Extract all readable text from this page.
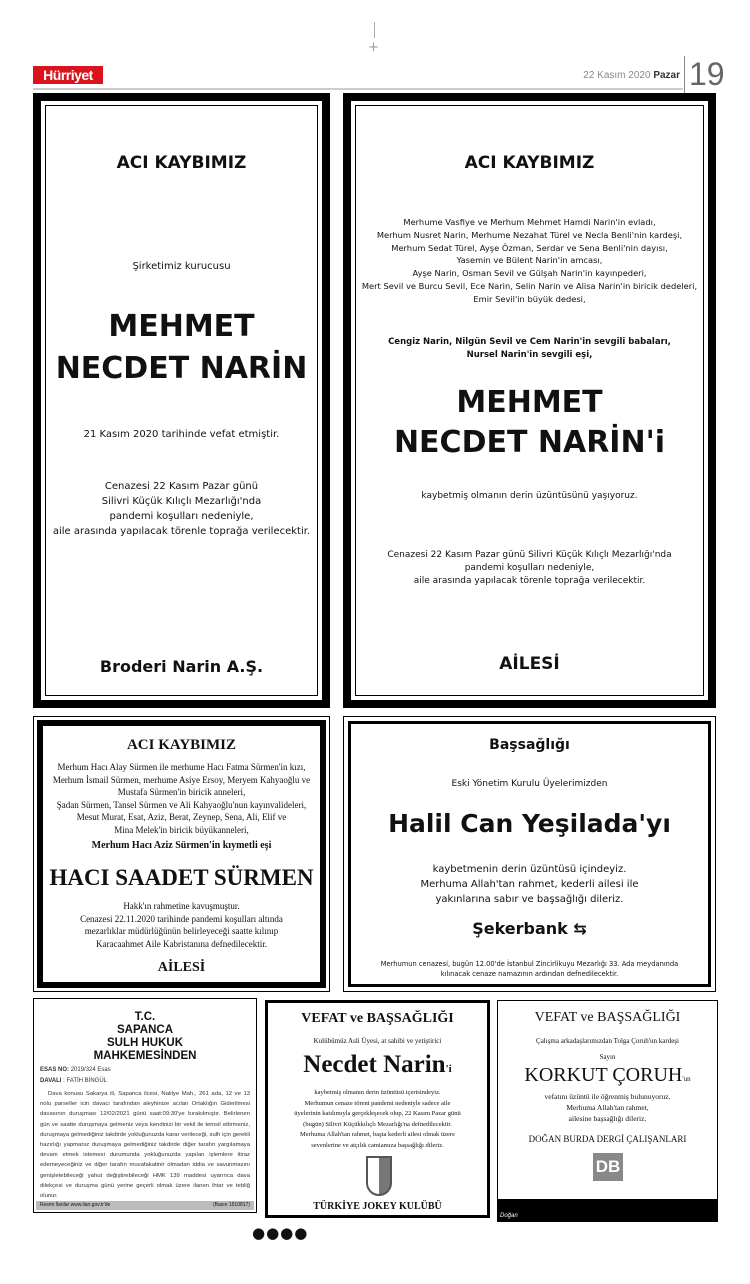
+
Hürriyet	22 Kasım 2020 Pazar 19
ACI KAYBIMIZ
Şirketimiz kurucusu
MEHMET
NECDET NARİN
21 Kasım 2020 tarihinde vefat etmiştir.
Cenazesi 22 Kasım Pazar günü
Silivri Küçük Kılıçlı Mezarlığı'nda
pandemi koşulları nedeniyle,
aile arasında yapılacak törenle toprağa verilecektir.
Broderi Narin A.Ş.
ACI KAYBIMIZ
Merhume Vasfiye ve Merhum Mehmet Hamdi Narin'in evladı,
Merhum Nusret Narin, Merhume Nezahat Türel ve Necla Benli'nin kardeşi,
Merhum Sedat Türel, Ayşe Özman, Serdar ve Sena Benli'nin dayısı,
Yasemin ve Bülent Narin'in amcası,
Ayşe Narin, Osman Sevil ve Gülşah Narin'in kayınpederi,
Mert Sevil ve Burcu Sevil, Ece Narin, Selin Narin ve Alisa Narin'in biricik dedeleri,
Emir Sevil'in büyük dedesi,
Cengiz Narin, Nilgün Sevil ve Cem Narin'in sevgili babaları,
Nursel Narin'in sevgili eşi,
MEHMET
NECDET NARİN'i
kaybetmiş olmanın derin üzüntüsünü yaşıyoruz.
Cenazesi 22 Kasım Pazar günü Silivri Küçük Kılıçlı Mezarlığı'nda
pandemi koşulları nedeniyle,
aile arasında yapılacak törenle toprağa verilecektir.
AİLESİ
ACI KAYBIMIZ
Merhum Hacı Alay Sürmen ile merhume Hacı Fatma Sürmen'in kızı,
Merhum İsmail Sürmen, merhume Asiye Ersoy, Meryem Kahyaoğlu ve
Mustafa Sürmen'in biricik anneleri,
Şadan Sürmen, Tansel Sürmen ve Ali Kahyaoğlu'nun kayınvalideleri,
Mesut Murat, Esat, Aziz, Berat, Zeynep, Sena, Ali, Elif ve
Mina Melek'in biricik büyükanneleri,
Merhum Hacı Aziz Sürmen'in kıymetli eşi
HACI SAADET SÜRMEN
Hakk'ın rahmetine kavuşmuştur.
Cenazesi 22.11.2020 tarihinde pandemi koşulları altında
mezarlıklar müdürlüğünün belirleyeceği saatte kılınıp
Karacaahmet Aile Kabristanına defnedilecektir.
AİLESİ
Başsağlığı
Eski Yönetim Kurulu Üyelerimizden
Halil Can Yeşilada'yı
kaybetmenin derin üzüntüsü içindeyiz.
Merhuma Allah'tan rahmet, kederli ailesi ile
yakınlarına sabır ve başsağlığı dileriz.
Şekerbank ⇆
Merhumun cenazesi, bugün 12.00'de İstanbul Zincirlikuyu Mezarlığı 33. Ada meydanında
kılınacak cenaze namazının ardından defnedilecektir.
T.C.
SAPANCA
SULH HUKUK
MAHKEMESİNDEN
ESAS NO: 2019/324 Esas
DAVALI : FATİH BİNGÜL
Dava konusu Sakarya ili, Sapanca ilcesi, Naliiye Mah., 261 ada, 12 ve 13 nolu parseller icin davacı tarafından aleyhinize acılan Ortaklığın Giderilmesi davasının duruşması 12/02/2021 günü saat:09:30'ye bırakılmıştır. Belirlenen gün ve saatte duruşmaya gelmeniz veya kendinizi bir vekil ile temsil ettirmeniz, duruşmaya gelmediğiniz takdirde yokluğunuzda karar verileceği, sulh için gerekli hazırlığı yapmanız duruşmaya gelmediğiniz takdirde diğer tarafın yargılamaya devam etmek istemesi durumunda yokluğunuzda yapılan işlemlere itiraz edemeyeceğiniz ve diğer tarafın muvafakatinir olmadan iddia ve savunmasını genişletebileceği yahut değiştirebileceği HMK 139 maddesi uyarınca dava dilekçesi ve duruşma günü yerine geçerli olmak üzere ilanen ihtar ve tebliğ olunur.
Resmi İlanlar www.ilan.gov.tr'de	(Basın 1510817)
VEFAT ve BAŞSAĞLIĞI
Kulübümüz Asli Üyesi, at sahibi ve yetiştirici
Necdet Narin'i
kaybetmiş olmanın derin üzüntüsü içerisindeyiz.
Merhumun cenaze töreni pandemi nedeniyle sadece aile
üyelerinin katılımıyla gerçekleşecek olup, 22 Kasım Pazar günü
(bugün) Silivri Küçükkılıçlı Mezarlığı'na defnedilecektir.
Merhuma Allah'tan rahmet, başta kederli ailesi olmak üzere
sevenlerine ve atçılık camiamıza başsağlığı dileriz.
TÜRKİYE JOKEY KULÜBÜ
VEFAT ve BAŞSAĞLIĞI
Çalışma arkadaşlarımızdan Tolga Çoruh'un kardeşi
Sayın
KORKUT ÇORUH'un
vefatını üzüntü ile öğrenmiş bulunuyoruz.
Merhuma Allah'tan rahmet,
ailesine başsağlığı dileriz.
DOĞAN BURDA DERGİ ÇALIŞANLARI
DB
Doğan
●●●●
